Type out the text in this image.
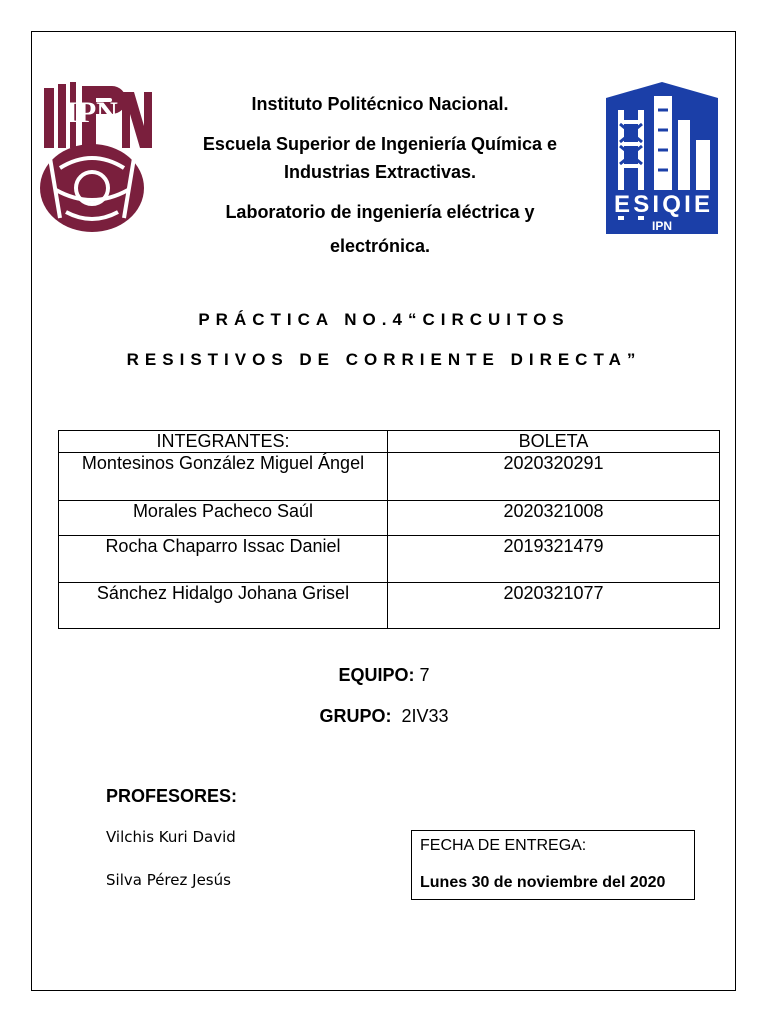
IPN
ESIQIE
IPN
Instituto Politécnico Nacional.
Escuela Superior de Ingeniería Química e
Industrias Extractivas.
Laboratorio de ingeniería eléctrica y
electrónica.
PRÁCTICA NO.4“CIRCUITOS
RESISTIVOS DE CORRIENTE DIRECTA”
INTEGRANTES:	BOLETA
Montesinos González Miguel Ángel	2020320291
Morales Pacheco Saúl	2020321008
Rocha Chaparro Issac Daniel	2019321479
Sánchez Hidalgo Johana Grisel	2020321077
EQUIPO: 7
GRUPO: 2IV33
PROFESORES:
Vilchis Kuri David
Silva Pérez Jesús
FECHA DE ENTREGA:
Lunes 30 de noviembre del 2020
